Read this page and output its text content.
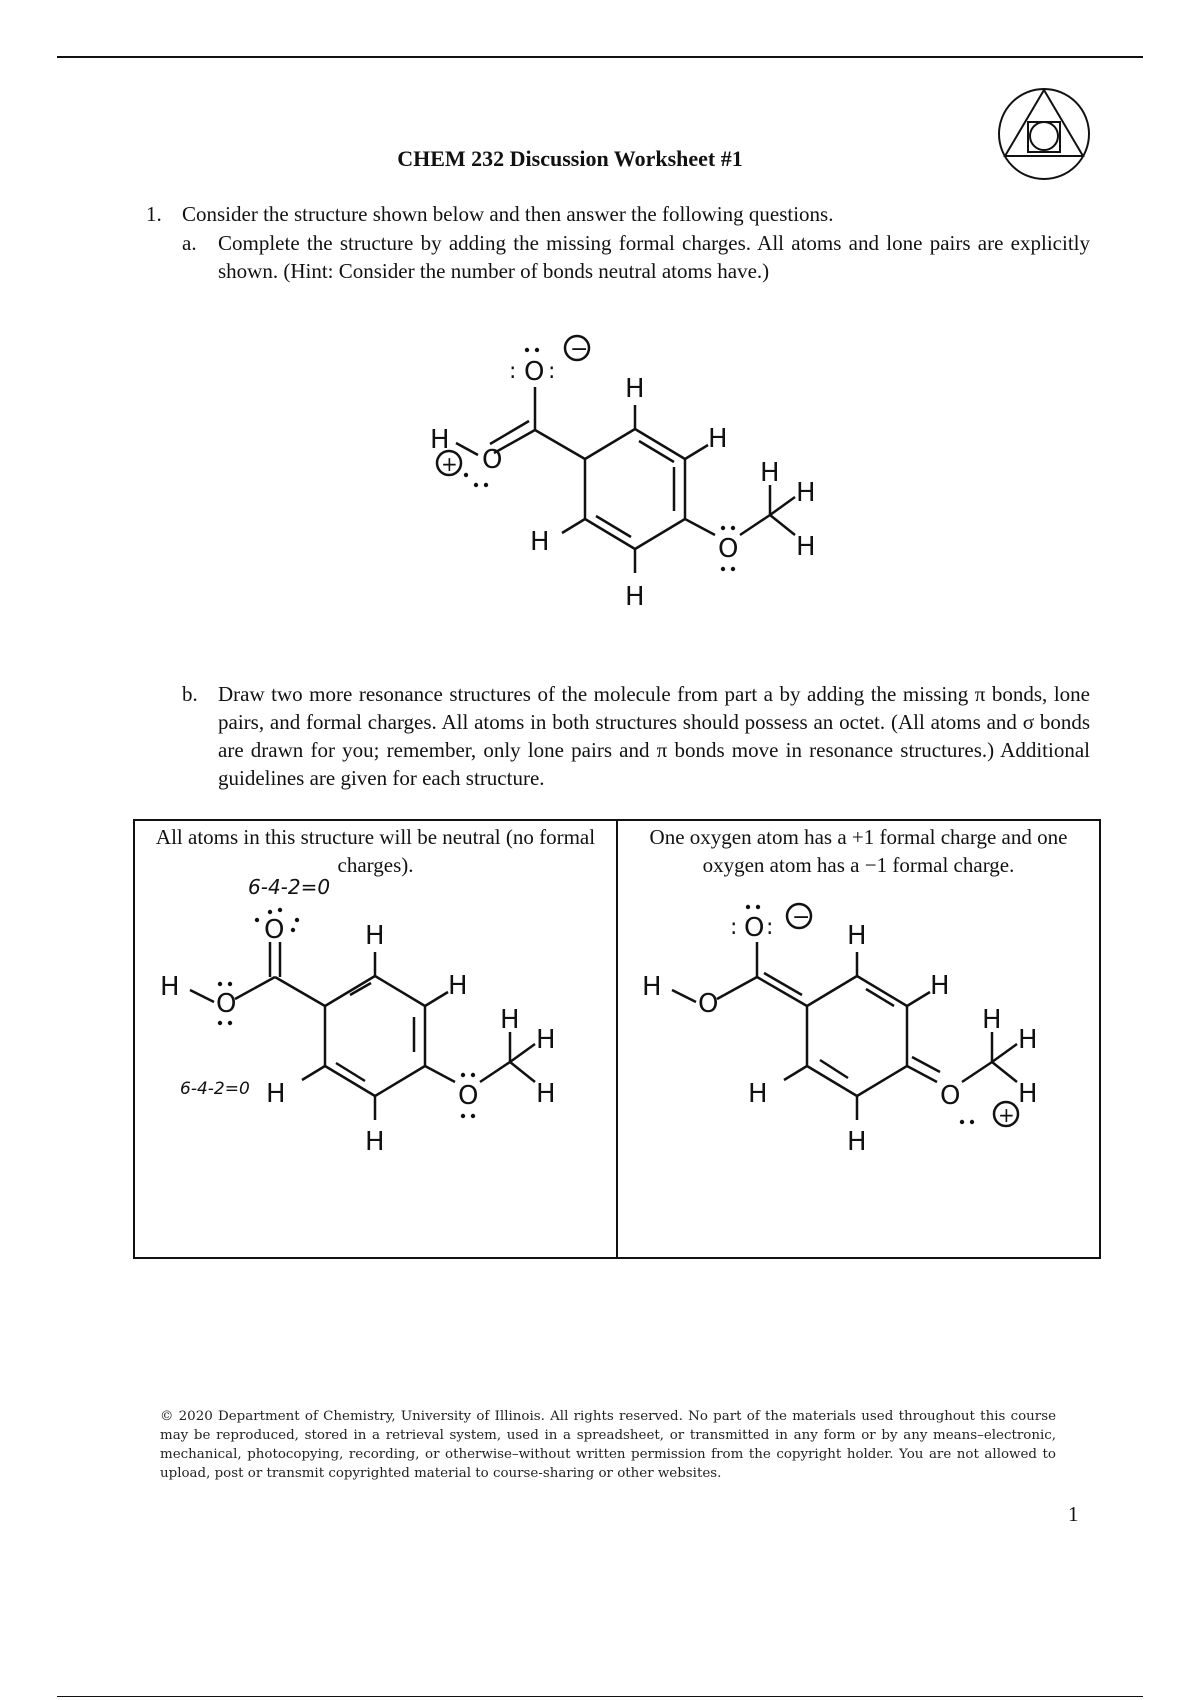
CHEM 232 Discussion Worksheet #1
1. Consider the structure shown below and then answer the following questions.
a. Complete the structure by adding the missing formal charges. All atoms and lone pairs are explicitly shown. (Hint: Consider the number of bonds neutral atoms have.)
O
: :
O
H
H
H
H
H
O
H
H
H
−
+
b. Draw two more resonance structures of the molecule from part a by adding the missing π bonds, lone pairs, and formal charges. All atoms in both structures should possess an octet. (All atoms and σ bonds are drawn for you; remember, only lone pairs and π bonds move in resonance structures.) Additional guidelines are given for each structure.
All atoms in this structure will be neutral (no formal charges).

One oxygen atom has a +1 formal charge and one oxygen atom has a −1 formal charge.
O
O
H
H
H
H
H
O
H
H
H
6-4-2=0
6-4-2=0
O
: :
O
H
H
H
H
H
O
H
H
H
−
+
© 2020 Department of Chemistry, University of Illinois. All rights reserved. No part of the materials used throughout this course may be reproduced, stored in a retrieval system, used in a spreadsheet, or transmitted in any form or by any means–electronic, mechanical, photocopying, recording, or otherwise–without written permission from the copyright holder. You are not allowed to upload, post or transmit copyrighted material to course-sharing or other websites.
1
